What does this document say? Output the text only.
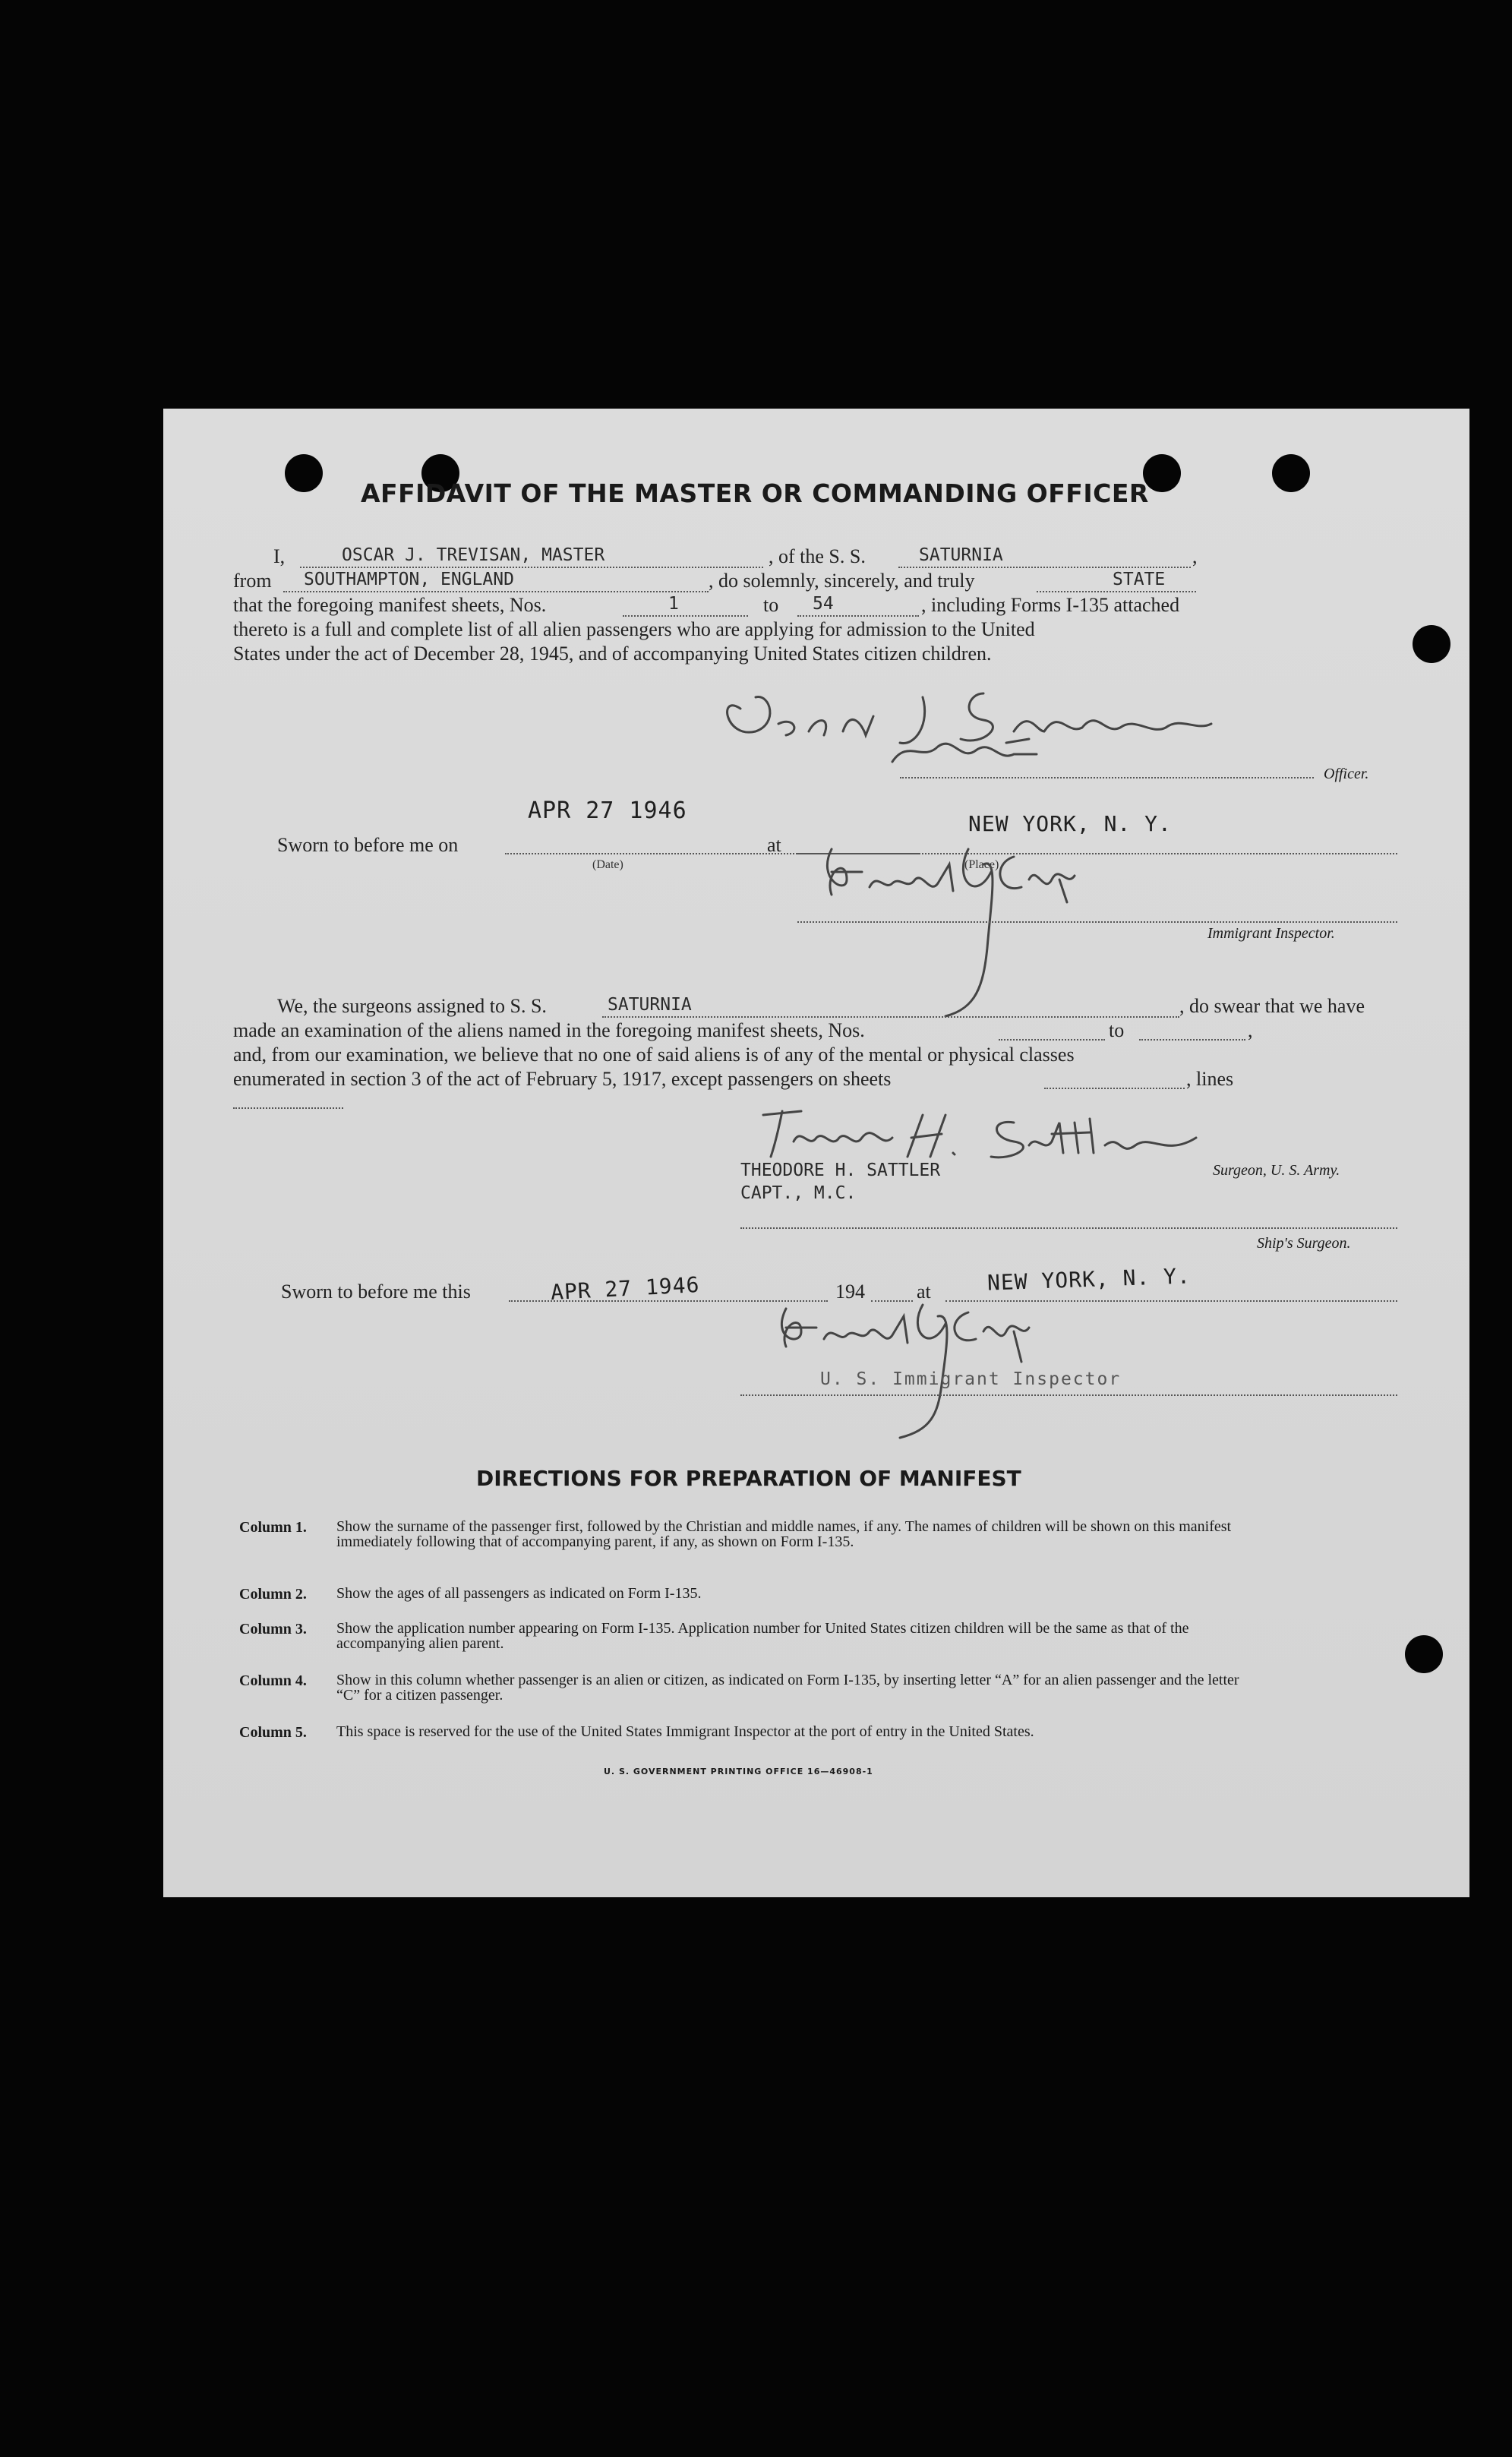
AFFIDAVIT OF THE MASTER OR COMMANDING OFFICER
I,	OSCAR J. TREVISAN, MASTER	, of the S. S.	SATURNIA	,
from SOUTHAMPTON, ENGLAND	, do solemnly, sincerely, and truly	STATE
that the foregoing manifest sheets, Nos.	1	to 54	, including Forms I-135 attached
thereto is a full and complete list of all alien passengers who are applying for admission to the United
States under the act of December 28, 1945, and of accompanying United States citizen children.
Officer.
APR 27 1946
Sworn to before me on
(Date)
at
NEW YORK, N. Y.
(Place)
Immigrant Inspector.
We, the surgeons assigned to S. S.	SATURNIA	, do swear that we have
made an examination of the aliens named in the foregoing manifest sheets, Nos.	to	,
and, from our examination, we believe that no one of said aliens is of any of the mental or physical classes
enumerated in section 3 of the act of February 5, 1917, except passengers on sheets	, lines
THEODORE H. SATTLER	Surgeon, U. S. Army.
CAPT., M.C.
Ship's Surgeon.
Sworn to before me this	APR 27 1946	194	at	NEW YORK, N. Y.
U. S. Immigrant Inspector
DIRECTIONS FOR PREPARATION OF MANIFEST
Column 1. Show the surname of the passenger first, followed by the Christian and middle names, if any. The names of children will be shown on this manifest immediately following that of accompanying parent, if any, as shown on Form I-135.
Column 2. Show the ages of all passengers as indicated on Form I-135.
Column 3. Show the application number appearing on Form I-135. Application number for United States citizen children will be the same as that of the accompanying alien parent.
Column 4. Show in this column whether passenger is an alien or citizen, as indicated on Form I-135, by inserting letter “A” for an alien passenger and the letter “C” for a citizen passenger.
Column 5. This space is reserved for the use of the United States Immigrant Inspector at the port of entry in the United States.
U. S. GOVERNMENT PRINTING OFFICE 16—46908-1
